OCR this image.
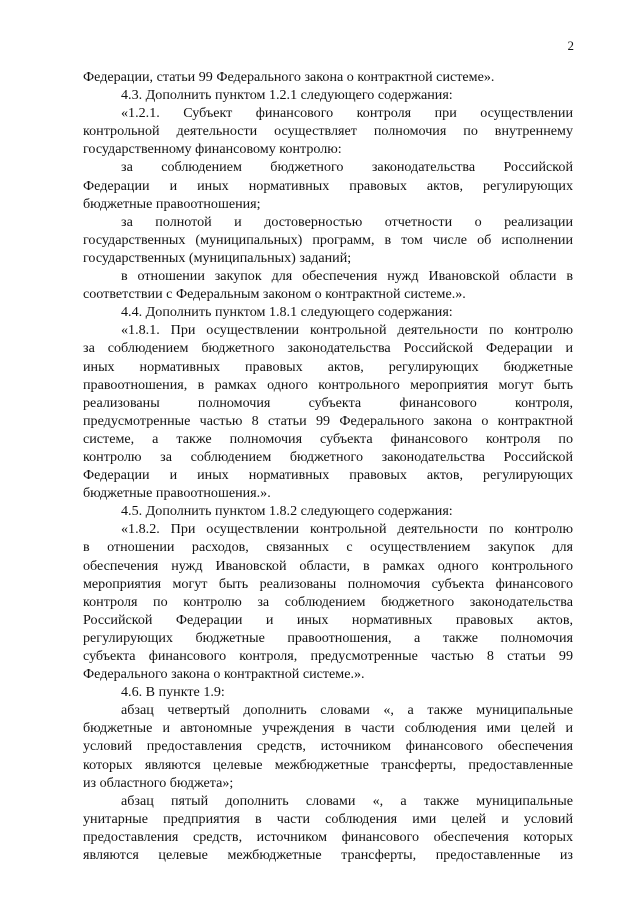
2
Федерации, статьи 99 Федерального закона о контрактной системе».
4.3. Дополнить пунктом 1.2.1 следующего содержания:
«1.2.1. Субъект финансового контроля при осуществлении
контрольной деятельности осуществляет полномочия по внутреннему
государственному финансовому контролю:
за соблюдением бюджетного законодательства Российской
Федерации и иных нормативных правовых актов, регулирующих
бюджетные правоотношения;
за полнотой и достоверностью отчетности о реализации
государственных (муниципальных) программ, в том числе об исполнении
государственных (муниципальных) заданий;
в отношении закупок для обеспечения нужд Ивановской области в
соответствии с Федеральным законом о контрактной системе.».
4.4. Дополнить пунктом 1.8.1 следующего содержания:
«1.8.1. При осуществлении контрольной деятельности по контролю
за соблюдением бюджетного законодательства Российской Федерации и
иных нормативных правовых актов, регулирующих бюджетные
правоотношения, в рамках одного контрольного мероприятия могут быть
реализованы полномочия субъекта финансового контроля,
предусмотренные частью 8 статьи 99 Федерального закона о контрактной
системе, а также полномочия субъекта финансового контроля по
контролю за соблюдением бюджетного законодательства Российской
Федерации и иных нормативных правовых актов, регулирующих
бюджетные правоотношения.».
4.5. Дополнить пунктом 1.8.2 следующего содержания:
«1.8.2. При осуществлении контрольной деятельности по контролю
в отношении расходов, связанных с осуществлением закупок для
обеспечения нужд Ивановской области, в рамках одного контрольного
мероприятия могут быть реализованы полномочия субъекта финансового
контроля по контролю за соблюдением бюджетного законодательства
Российской Федерации и иных нормативных правовых актов,
регулирующих бюджетные правоотношения, а также полномочия
субъекта финансового контроля, предусмотренные частью 8 статьи 99
Федерального закона о контрактной системе.».
4.6. В пункте 1.9:
абзац четвертый дополнить словами «, а также муниципальные
бюджетные и автономные учреждения в части соблюдения ими целей и
условий предоставления средств, источником финансового обеспечения
которых являются целевые межбюджетные трансферты, предоставленные
из областного бюджета»;
абзац пятый дополнить словами «, а также муниципальные
унитарные предприятия в части соблюдения ими целей и условий
предоставления средств, источником финансового обеспечения которых
являются целевые межбюджетные трансферты, предоставленные из
